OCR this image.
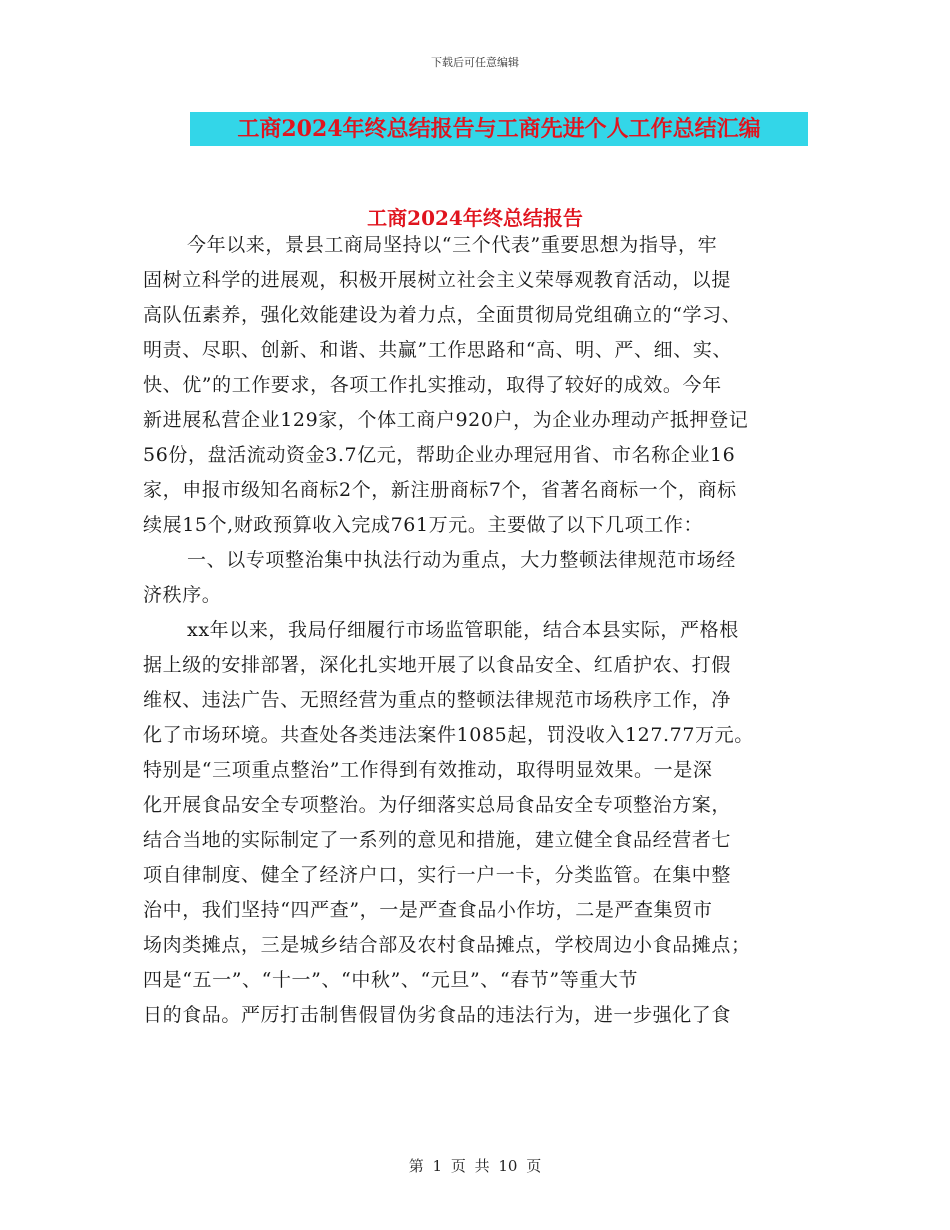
下载后可任意编辑
工商2024年终总结报告与工商先进个人工作总结汇编
工商2024年终总结报告
今年以来，景县工商局坚持以“三个代表”重要思想为指导，牢
固树立科学的进展观，积极开展树立社会主义荣辱观教育活动，以提
高队伍素养，强化效能建设为着力点，全面贯彻局党组确立的“学习、
明责、尽职、创新、和谐、共赢”工作思路和“高、明、严、细、实、
快、优”的工作要求，各项工作扎实推动，取得了较好的成效。今年
新进展私营企业129家，个体工商户920户，为企业办理动产抵押登记
56份，盘活流动资金3.7亿元，帮助企业办理冠用省、市名称企业16
家，申报市级知名商标2个，新注册商标7个，省著名商标一个，商标
续展15个,财政预算收入完成761万元。主要做了以下几项工作：
一、以专项整治集中执法行动为重点，大力整顿法律规范市场经
济秩序。
xx年以来，我局仔细履行市场监管职能，结合本县实际，严格根
据上级的安排部署，深化扎实地开展了以食品安全、红盾护农、打假
维权、违法广告、无照经营为重点的整顿法律规范市场秩序工作，净
化了市场环境。共查处各类违法案件1085起，罚没收入127.77万元。
特别是“三项重点整治”工作得到有效推动，取得明显效果。一是深
化开展食品安全专项整治。为仔细落实总局食品安全专项整治方案，
结合当地的实际制定了一系列的意见和措施，建立健全食品经营者七
项自律制度、健全了经济户口，实行一户一卡，分类监管。在集中整
治中，我们坚持“四严查”，一是严查食品小作坊，二是严查集贸市
场肉类摊点，三是城乡结合部及农村食品摊点，学校周边小食品摊点；
四是“五一”、“十一”、“中秋”、“元旦”、“春节”等重大节
日的食品。严厉打击制售假冒伪劣食品的违法行为，进一步强化了食
第 1 页 共 10 页
